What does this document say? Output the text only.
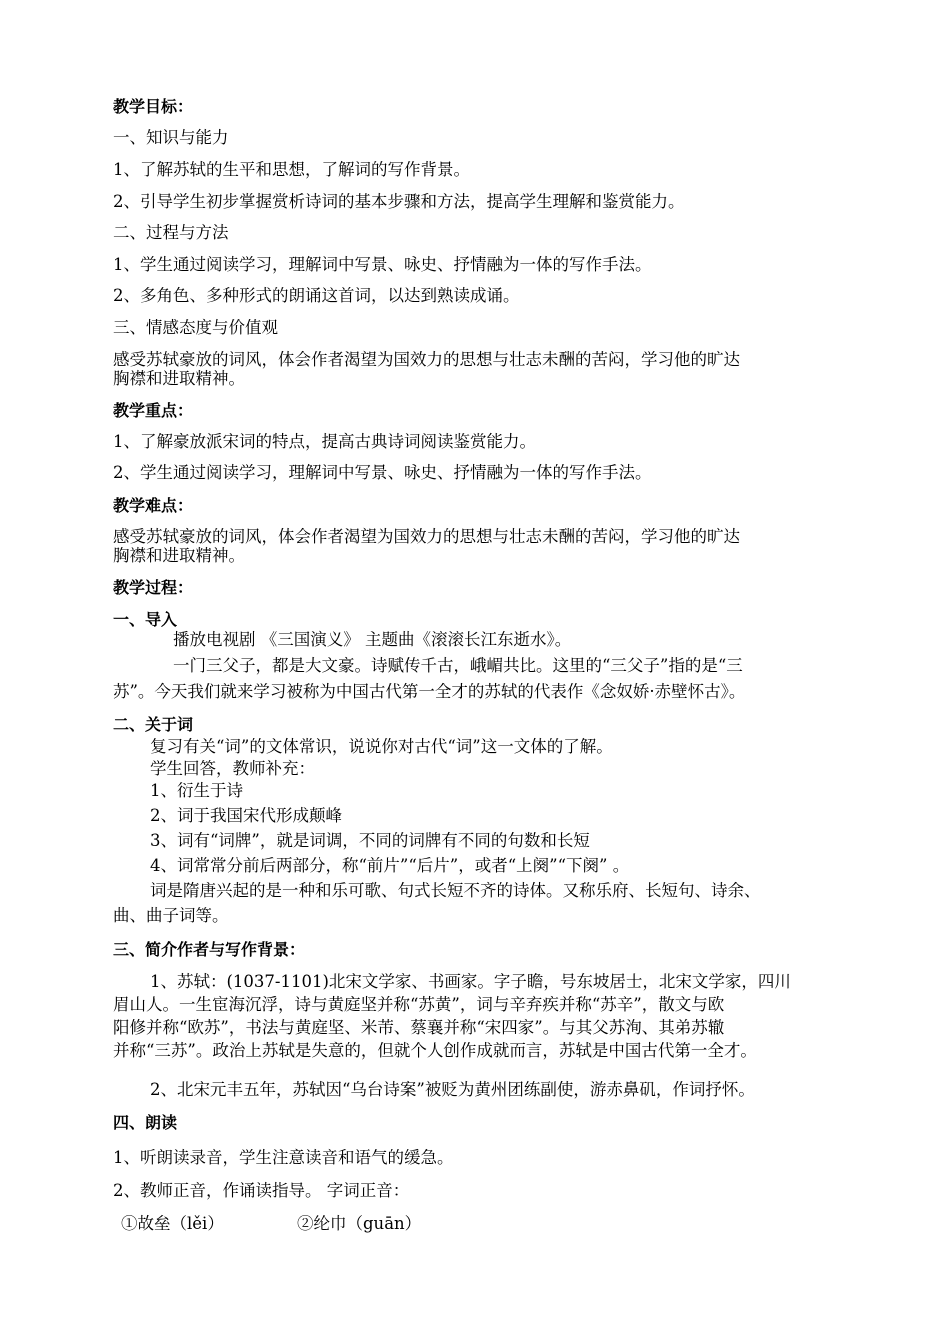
教学目标：
一、知识与能力
1、了解苏轼的生平和思想，了解词的写作背景。
2、引导学生初步掌握赏析诗词的基本步骤和方法，提高学生理解和鉴赏能力。
二、过程与方法
1、学生通过阅读学习，理解词中写景、咏史、抒情融为一体的写作手法。
2、多角色、多种形式的朗诵这首词，以达到熟读成诵。
三、情感态度与价值观
感受苏轼豪放的词风，体会作者渴望为国效力的思想与壮志未酬的苦闷，学习他的旷达
胸襟和进取精神。
教学重点：
1、了解豪放派宋词的特点，提高古典诗词阅读鉴赏能力。
2、学生通过阅读学习，理解词中写景、咏史、抒情融为一体的写作手法。
教学难点：
感受苏轼豪放的词风，体会作者渴望为国效力的思想与壮志未酬的苦闷，学习他的旷达
胸襟和进取精神。
教学过程：
一、导入
播放电视剧 《三国演义》 主题曲《滚滚长江东逝水》。
一门三父子，都是大文豪。诗赋传千古，峨嵋共比。这里的“三父子”指的是“三
苏”。今天我们就来学习被称为中国古代第一全才的苏轼的代表作《念奴娇·赤壁怀古》。
二、关于词
复习有关“词”的文体常识，说说你对古代“词”这一文体的了解。
学生回答，教师补充：
1、衍生于诗
2、词于我国宋代形成颠峰
3、词有“词牌”，就是词调，不同的词牌有不同的句数和长短
4、词常常分前后两部分，称“前片”“后片”，或者“上阕”“下阕” 。
词是隋唐兴起的是一种和乐可歌、句式长短不齐的诗体。又称乐府、长短句、诗余、
曲、曲子词等。
三、简介作者与写作背景：
1、苏轼：(1037-1101)北宋文学家、书画家。字子瞻，号东坡居士，北宋文学家，四川
眉山人。一生宦海沉浮，诗与黄庭坚并称“苏黄”，词与辛弃疾并称“苏辛”，散文与欧
阳修并称“欧苏”，书法与黄庭坚、米芾、蔡襄并称“宋四家”。与其父苏洵、其弟苏辙
并称“三苏”。政治上苏轼是失意的，但就个人创作成就而言，苏轼是中国古代第一全才。
2、北宋元丰五年，苏轼因“乌台诗案”被贬为黄州团练副使，游赤鼻矶，作词抒怀。
四、朗读
1、听朗读录音，学生注意读音和语气的缓急。
2、教师正音，作诵读指导。 字词正音：
①故垒（lěi）	②纶巾（guān）
